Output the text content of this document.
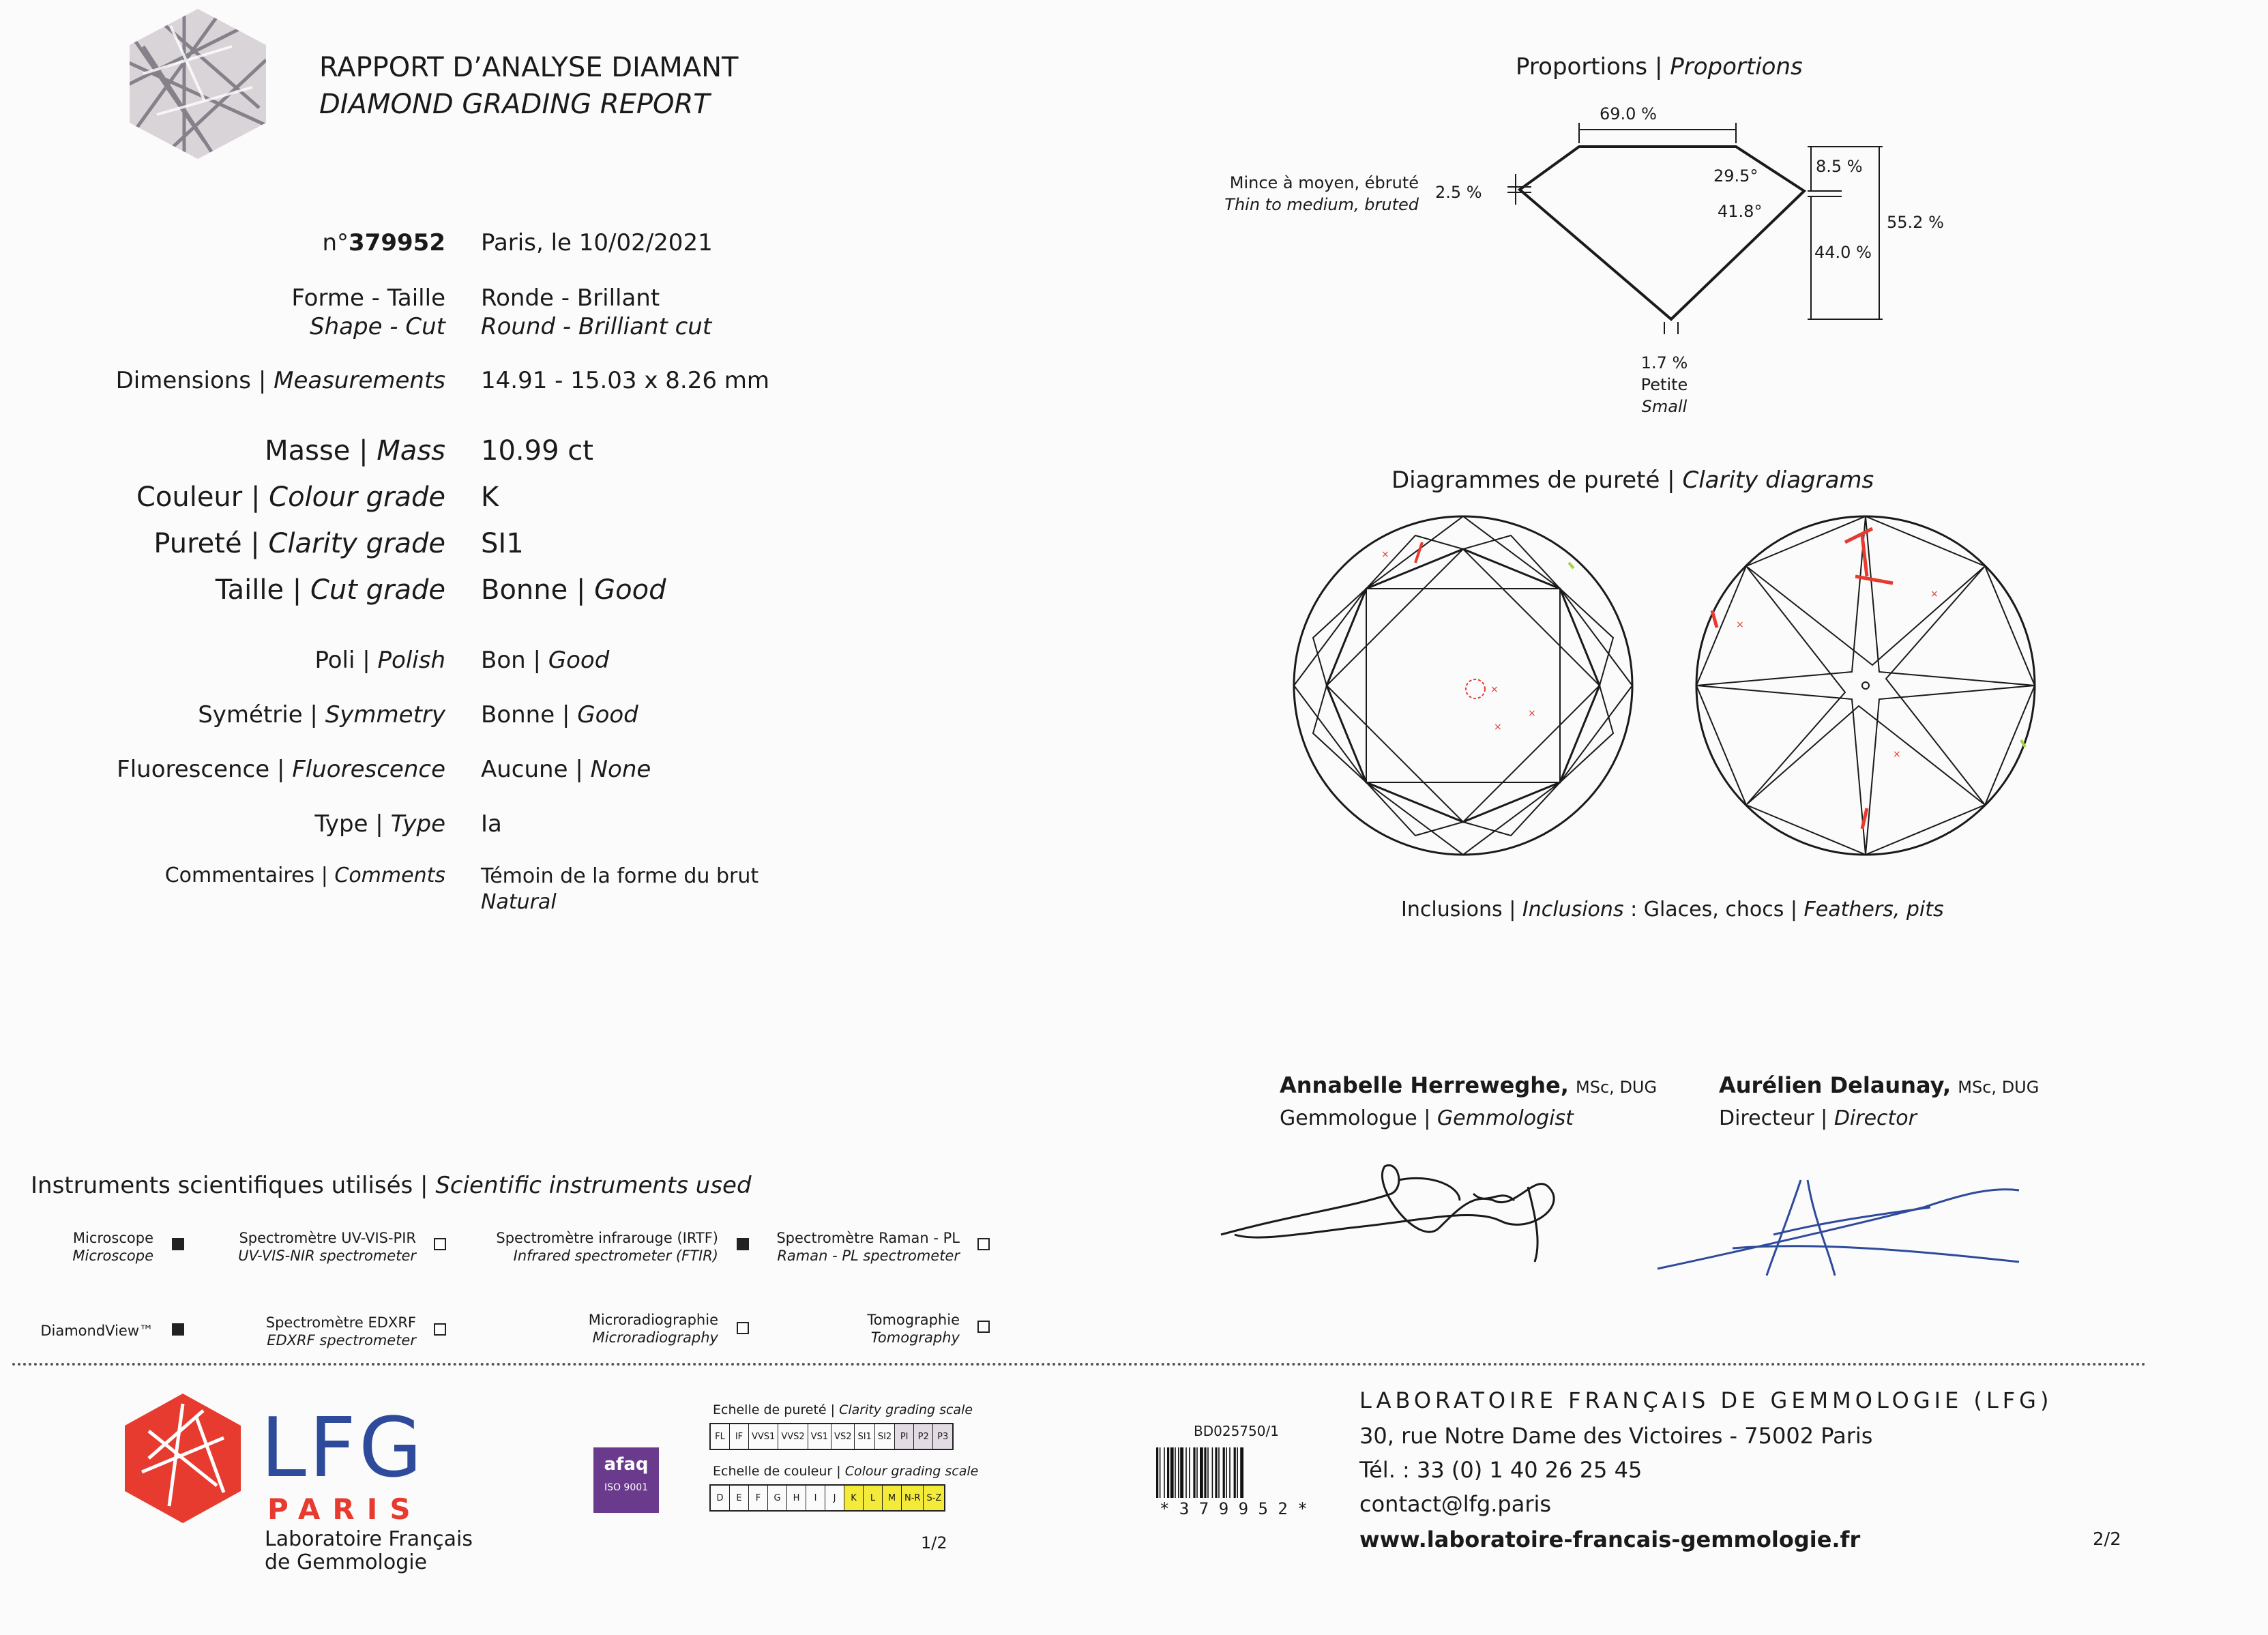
RAPPORT D’ANALYSE DIAMANT
DIAMOND GRADING REPORT
n°379952 Paris, le 10/02/2021
Forme - Taille
Shape - Cut
Ronde - Brillant
Round - Brilliant cut
Dimensions | Measurements 14.91 - 15.03 x 8.26 mm
Masse | Mass 10.99 ct
Couleur | Colour grade K
Pureté | Clarity grade SI1
Taille | Cut grade Bonne | Good
Poli | Polish Bon | Good
Symétrie | Symmetry Bonne | Good
Fluorescence | Fluorescence Aucune | None
Type | Type Ia
Commentaires | Comments Témoin de la forme du brut
Natural
Proportions | Proportions
69.0 %
Mince à moyen, ébruté
Thin to medium, bruted
2.5 %
29.5°
41.8°
8.5 %
44.0 %
55.2 %
1.7 %
Petite
Small
Diagrammes de pureté | Clarity diagrams
×
×
×
×
×
×
×
Inclusions | Inclusions : Glaces, chocs | Feathers, pits
Annabelle Herreweghe, MSc, DUG
Gemmologue | Gemmologist
Aurélien Delaunay, MSc, DUG
Directeur | Director
Instruments scientifiques utilisés | Scientific instruments used
Microscope
Microscope
Spectromètre UV-VIS-PIR
UV-VIS-NIR spectrometer
Spectromètre infrarouge (IRTF)
Infrared spectrometer (FTIR)
Spectromètre Raman - PL
Raman - PL spectrometer
DiamondView™	Spectromètre EDXRF
EDXRF spectrometer
Microradiographie
Microradiography
Tomographie
Tomography
LFG
PARIS
Laboratoire Français
de Gemmologie
afaq
ISO 9001
Echelle de pureté | Clarity grading scale
FL	IF VVS1 VVS2 VS1 VS2 SI1 SI2 PI	P2 P3
Echelle de couleur | Colour grading scale
D	E	F	G	H	I	J	K	L	M N-R S-Z
1/2
BD025750/1
* 3 7 9 9 5 2 *
LABORATOIRE FRANÇAIS DE GEMMOLOGIE (LFG)
30, rue Notre Dame des Victoires - 75002 Paris
Tél. : 33 (0) 1 40 26 25 45
contact@lfg.paris
www.laboratoire-francais-gemmologie.fr	2/2
